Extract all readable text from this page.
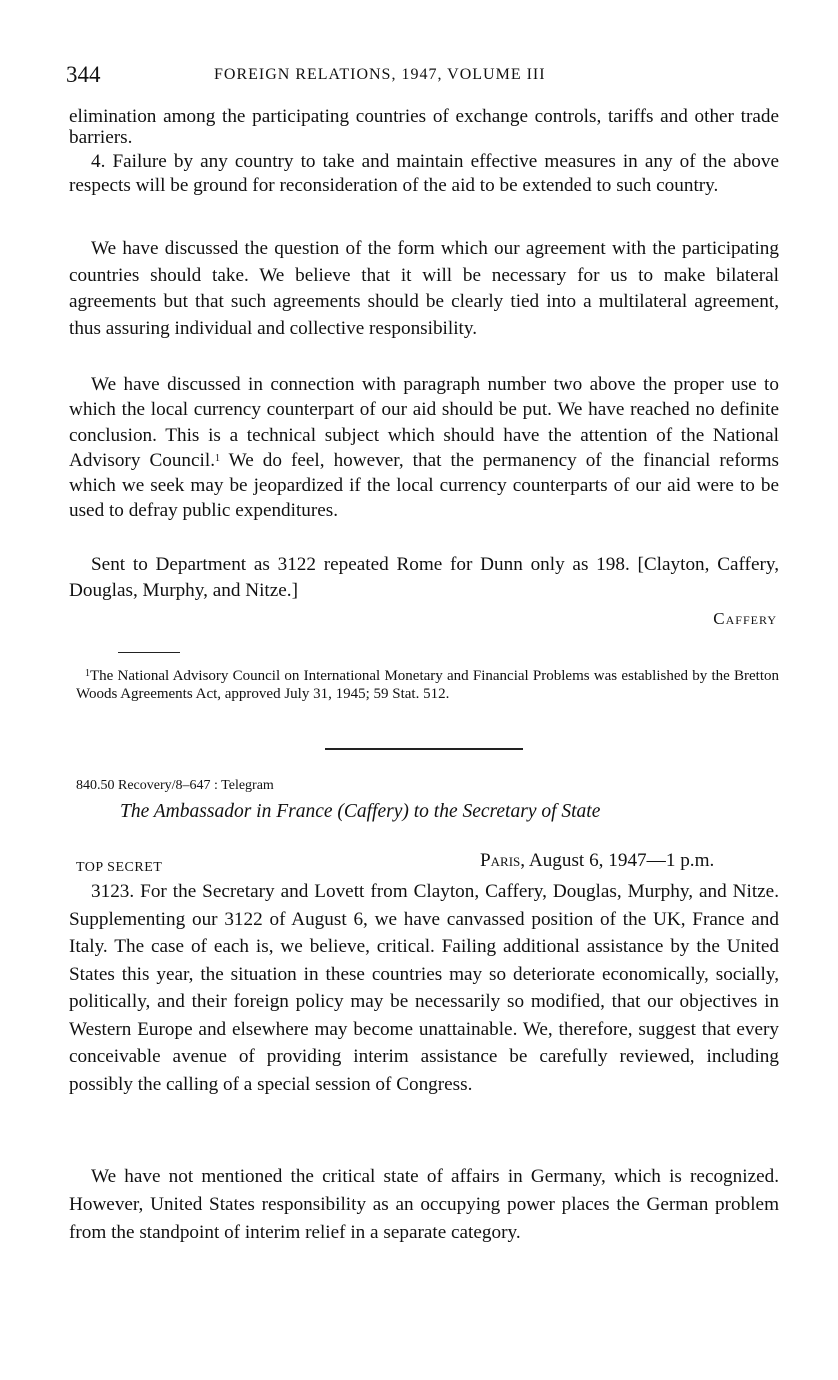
344	FOREIGN RELATIONS, 1947, VOLUME III

elimination among the participating countries of exchange controls, tariffs and other trade barriers.

4. Failure by any country to take and maintain effective measures in any of the above respects will be ground for reconsideration of the aid to be extended to such country.

We have discussed the question of the form which our agreement with the participating countries should take. We believe that it will be necessary for us to make bilateral agreements but that such agreements should be clearly tied into a multilateral agreement, thus assuring individual and collective responsibility.

We have discussed in connection with paragraph number two above the proper use to which the local currency counterpart of our aid should be put. We have reached no definite conclusion. This is a technical subject which should have the attention of the National Advisory Council.$^1$ We do feel, however, that the permanency of the financial reforms which we seek may be jeopardized if the local currency counterparts of our aid were to be used to defray public expenditures.

Sent to Department as 3122 repeated Rome for Dunn only as 198. [Clayton, Caffery, Douglas, Murphy, and Nitze.]

Caffery

$^1$The National Advisory Council on International Monetary and Financial Problems was established by the Bretton Woods Agreements Act, approved July 31, 1945; 59 Stat. 512.

840.50 Recovery/8–647 : Telegram
The Ambassador in France (Caffery) to the Secretary of State
TOP SECRET	Paris, August 6, 1947—1 p.m.

3123. For the Secretary and Lovett from Clayton, Caffery, Douglas, Murphy, and Nitze. Supplementing our 3122 of August 6, we have canvassed position of the UK, France and Italy. The case of each is, we believe, critical. Failing additional assistance by the United States this year, the situation in these countries may so deteriorate economically, socially, politically, and their foreign policy may be necessarily so modified, that our objectives in Western Europe and elsewhere may become unattainable. We, therefore, suggest that every conceivable avenue of providing interim assistance be carefully reviewed, including possibly the calling of a special session of Congress.

We have not mentioned the critical state of affairs in Germany, which is recognized. However, United States responsibility as an occupying power places the German problem from the standpoint of interim relief in a separate category.
